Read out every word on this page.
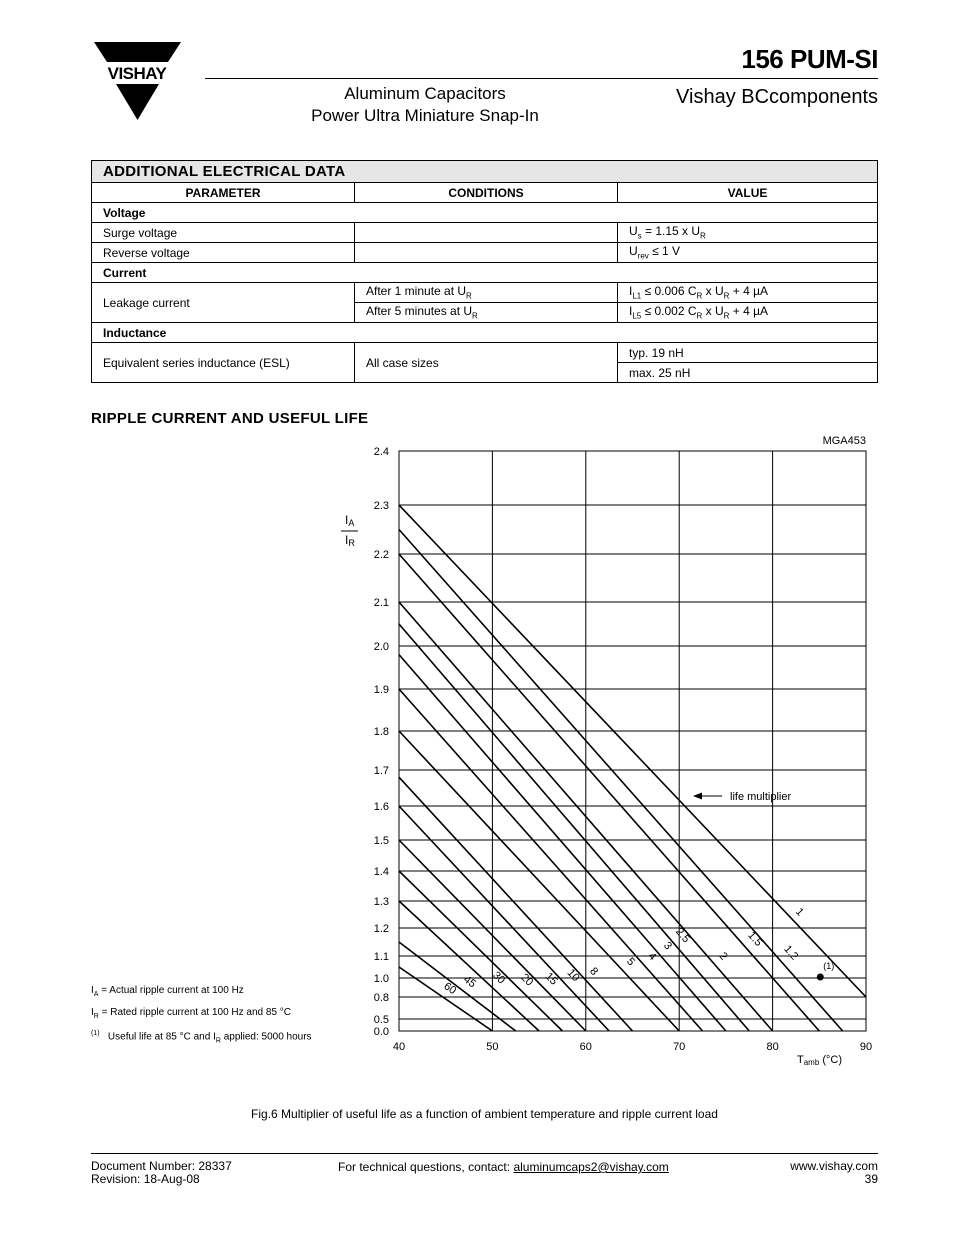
VISHAY	156 PUM-SI
Aluminum Capacitors
Power Ultra Miniature Snap-In
Vishay BCcomponents
ADDITIONAL ELECTRICAL DATA		
PARAMETER	CONDITIONS	VALUE
Voltage		
Surge voltage		$U_s = 1.15$ x $U_R$
Reverse voltage		$U_{rev} \le 1$ V
Current		
Leakage current	After 1 minute at $U_R$	$I_{L1} \le 0.006$ $C_R$ x $U_R + 4$ µA
	After 5 minutes at $U_R$	$I_{L5} \le 0.002$ $C_R$ x $U_R + 4$ µA
Inductance		
Equivalent series inductance (ESL)	All case sizes	typ. 19 nH
		max. 25 nH
RIPPLE CURRENT AND USEFUL LIFE
40	50	60	70	80	90
0.0
0.5
0.8
1.0
1.1
1.2
1.3
1.4
1.5
1.6
1.7
1.8
1.9
2.0
2.1
2.2
2.3
2.4
1
1.2
1.5
2
2.5
3
4
5
8
10
15
20
30
45
60
(1)
MGA453
IA
IR
Tamb (°C)
life multiplier
$I_A$ = Actual ripple current at 100 Hz
$I_R$ = Rated ripple current at 100 Hz and 85 °C
$^{(1)}$ Useful life at 85 °C and $I_R$ applied: 5000 hours
Fig.6 Multiplier of useful life as a function of ambient temperature and ripple current load
Document Number: 28337
Revision: 18-Aug-08
For technical questions, contact: aluminumcaps2@vishay.com	www.vishay.com
39
